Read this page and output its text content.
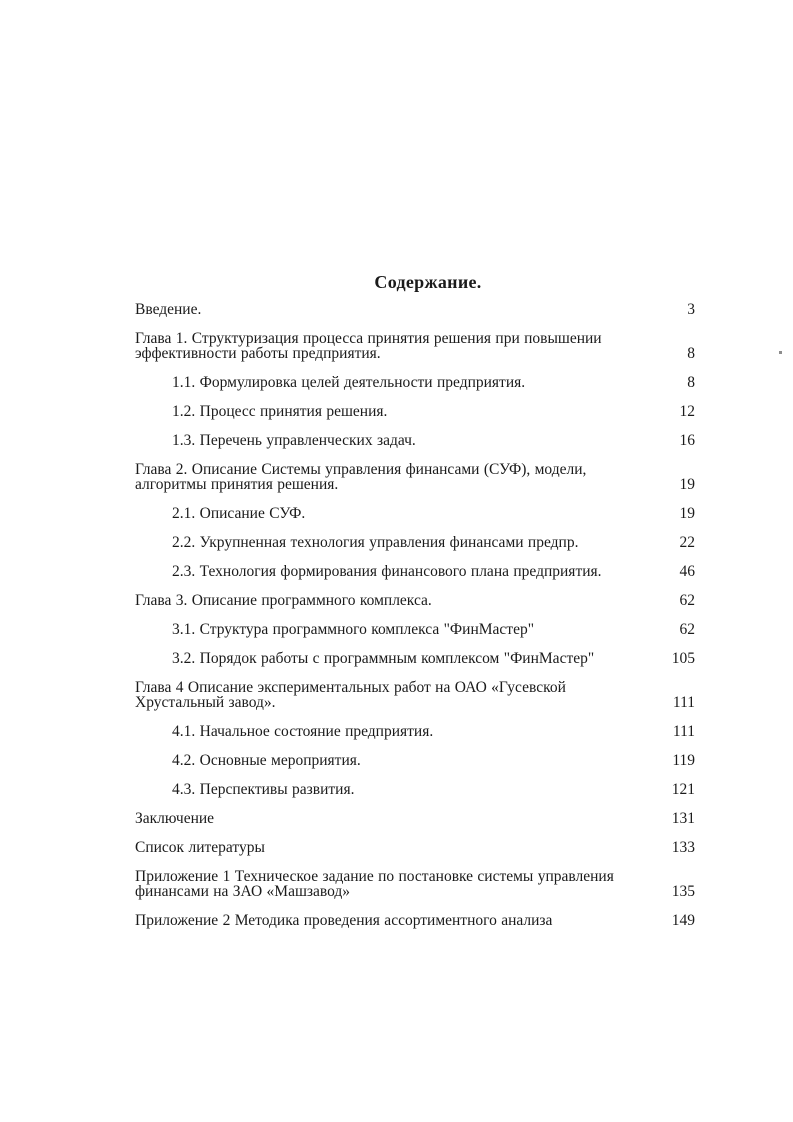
Содержание.
Введение.	3
Глава 1. Структуризация процесса принятия решения при повышении эффективности работы предприятия.	8
1.1. Формулировка целей деятельности предприятия.	8
1.2. Процесс принятия решения.	12
1.3. Перечень управленческих задач.	16
Глава 2. Описание Системы управления финансами (СУФ), модели, алгоритмы принятия решения.	19
2.1. Описание СУФ.	19
2.2. Укрупненная технология управления финансами предпр.	22
2.3. Технология формирования финансового плана предприятия.	46
Глава 3. Описание программного комплекса.	62
3.1. Структура программного комплекса "ФинМастер"	62
3.2. Порядок работы с программным комплексом "ФинМастер"	105
Глава 4 Описание экспериментальных работ на ОАО «Гусевской Хрустальный завод».	111
4.1. Начальное состояние предприятия.	111
4.2. Основные мероприятия.	119
4.3. Перспективы развития.	121
Заключение	131
Список литературы	133
Приложение 1 Техническое задание по постановке системы управления финансами на ЗАО «Машзавод»	135
Приложение 2 Методика проведения ассортиментного анализа	149
